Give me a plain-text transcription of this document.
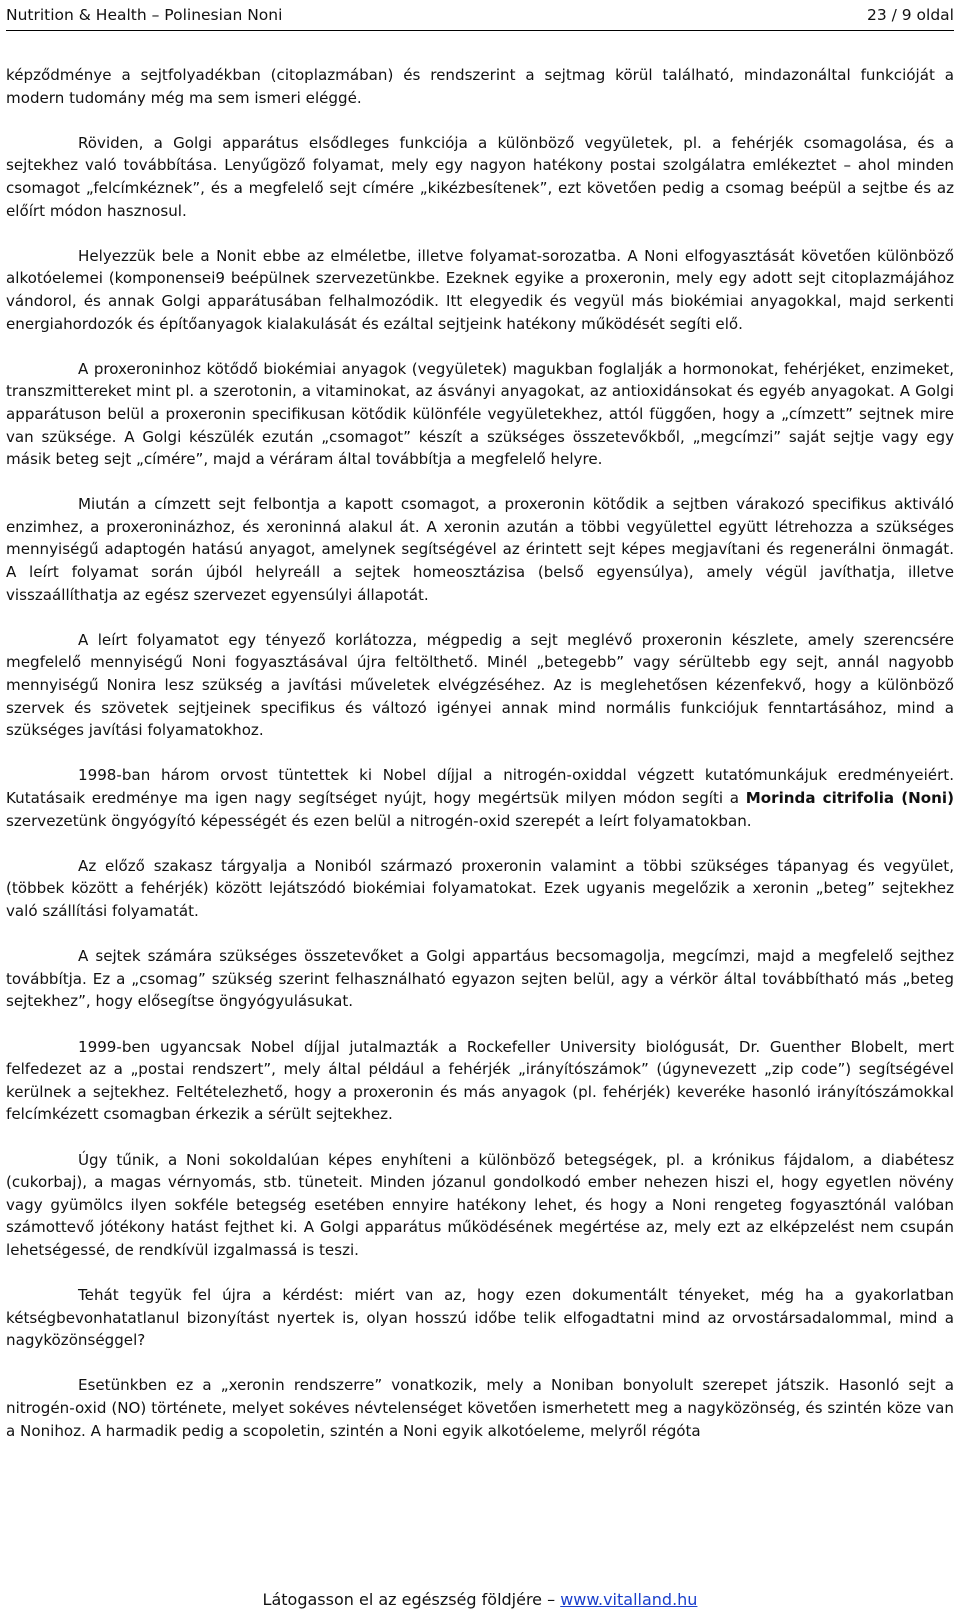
Nutrition & Health – Polinesian Noni	23 / 9 oldal

képződménye a sejtfolyadékban (citoplazmában) és rendszerint a sejtmag körül található, mindazonáltal funkcióját a modern tudomány még ma sem ismeri eléggé.

Röviden, a Golgi apparátus elsődleges funkciója a különböző vegyületek, pl. a fehérjék csomagolása, és a sejtekhez való továbbítása. Lenyűgöző folyamat, mely egy nagyon hatékony postai szolgálatra emlékeztet – ahol minden csomagot „felcímkéznek”, és a megfelelő sejt címére „kikézbesítenek”, ezt követően pedig a csomag beépül a sejtbe és az előírt módon hasznosul.

Helyezzük bele a Nonit ebbe az elméletbe, illetve folyamat-sorozatba. A Noni elfogyasztását követően különböző alkotóelemei (komponensei9 beépülnek szervezetünkbe. Ezeknek egyike a proxeronin, mely egy adott sejt citoplazmájához vándorol, és annak Golgi apparátusában felhalmozódik. Itt elegyedik és vegyül más biokémiai anyagokkal, majd serkenti energiahordozók és építőanyagok kialakulását és ezáltal sejtjeink hatékony működését segíti elő.

A proxeroninhoz kötődő biokémiai anyagok (vegyületek) magukban foglalják a hormonokat, fehérjéket, enzimeket, transzmittereket mint pl. a szerotonin, a vitaminokat, az ásványi anyagokat, az antioxidánsokat és egyéb anyagokat. A Golgi apparátuson belül a proxeronin specifikusan kötődik különféle vegyületekhez, attól függően, hogy a „címzett” sejtnek mire van szüksége. A Golgi készülék ezután „csomagot” készít a szükséges összetevőkből, „megcímzi” saját sejtje vagy egy másik beteg sejt „címére”, majd a véráram által továbbítja a megfelelő helyre.

Miután a címzett sejt felbontja a kapott csomagot, a proxeronin kötődik a sejtben várakozó specifikus aktiváló enzimhez, a proxeroninázhoz, és xeroninná alakul át. A xeronin azután a többi vegyülettel együtt létrehozza a szükséges mennyiségű adaptogén hatású anyagot, amelynek segítségével az érintett sejt képes megjavítani és regenerálni önmagát. A leírt folyamat során újból helyreáll a sejtek homeosztázisa (belső egyensúlya), amely végül javíthatja, illetve visszaállíthatja az egész szervezet egyensúlyi állapotát.

A leírt folyamatot egy tényező korlátozza, mégpedig a sejt meglévő proxeronin készlete, amely szerencsére megfelelő mennyiségű Noni fogyasztásával újra feltölthető. Minél „betegebb” vagy sérültebb egy sejt, annál nagyobb mennyiségű Nonira lesz szükség a javítási műveletek elvégzéséhez. Az is meglehetősen kézenfekvő, hogy a különböző szervek és szövetek sejtjeinek specifikus és változó igényei annak mind normális funkciójuk fenntartásához, mind a szükséges javítási folyamatokhoz.

1998-ban három orvost tüntettek ki Nobel díjjal a nitrogén-oxiddal végzett kutatómunkájuk eredményeiért. Kutatásaik eredménye ma igen nagy segítséget nyújt, hogy megértsük milyen módon segíti a Morinda citrifolia (Noni) szervezetünk öngyógyító képességét és ezen belül a nitrogén-oxid szerepét a leírt folyamatokban.

Az előző szakasz tárgyalja a Noniból származó proxeronin valamint a többi szükséges tápanyag és vegyület, (többek között a fehérjék) között lejátszódó biokémiai folyamatokat. Ezek ugyanis megelőzik a xeronin „beteg” sejtekhez való szállítási folyamatát.

A sejtek számára szükséges összetevőket a Golgi appartáus becsomagolja, megcímzi, majd a megfelelő sejthez továbbítja. Ez a „csomag” szükség szerint felhasználható egyazon sejten belül, agy a vérkör által továbbítható más „beteg sejtekhez”, hogy elősegítse öngyógyulásukat.

1999-ben ugyancsak Nobel díjjal jutalmazták a Rockefeller University biológusát, Dr. Guenther Blobelt, mert felfedezet az a „postai rendszert”, mely által például a fehérjék „irányítószámok” (úgynevezett „zip code”) segítségével kerülnek a sejtekhez. Feltételezhető, hogy a proxeronin és más anyagok (pl. fehérjék) keveréke hasonló irányítószámokkal felcímkézett csomagban érkezik a sérült sejtekhez.

Úgy tűnik, a Noni sokoldalúan képes enyhíteni a különböző betegségek, pl. a krónikus fájdalom, a diabétesz (cukorbaj), a magas vérnyomás, stb. tüneteit. Minden józanul gondolkodó ember nehezen hiszi el, hogy egyetlen növény vagy gyümölcs ilyen sokféle betegség esetében ennyire hatékony lehet, és hogy a Noni rengeteg fogyasztónál valóban számottevő jótékony hatást fejthet ki. A Golgi apparátus működésének megértése az, mely ezt az elképzelést nem csupán lehetségessé, de rendkívül izgalmassá is teszi.

Tehát tegyük fel újra a kérdést: miért van az, hogy ezen dokumentált tényeket, még ha a gyakorlatban kétségbevonhatatlanul bizonyítást nyertek is, olyan hosszú időbe telik elfogadtatni mind az orvostársadalommal, mind a nagyközönséggel?

Esetünkben ez a „xeronin rendszerre” vonatkozik, mely a Noniban bonyolult szerepet játszik. Hasonló sejt a nitrogén-oxid (NO) története, melyet sokéves névtelenséget követően ismerhetett meg a nagyközönség, és szintén köze van a Nonihoz. A harmadik pedig a scopoletin, szintén a Noni egyik alkotóeleme, melyről régóta

Látogasson el az egészség földjére – www.vitalland.hu
